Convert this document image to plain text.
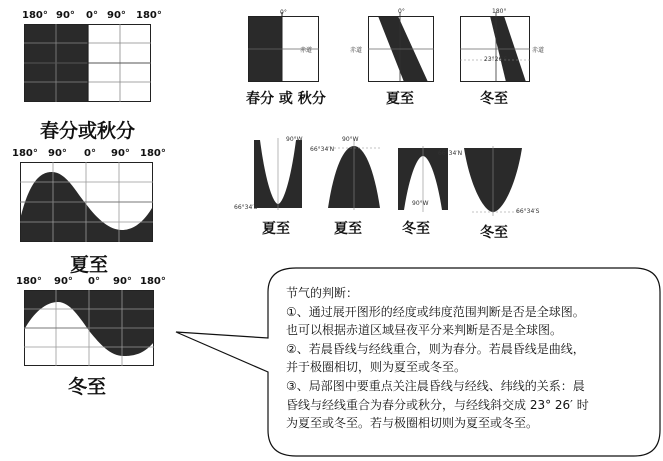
180° 90° 0° 90° 180°
春分或秋分
180° 90° 0° 90° 180°
夏至
180° 90° 0° 90° 180°
冬至
0°
赤道
春分 或 秋分
0°
赤道
夏至
180°
赤道
23°26′S
冬至
90°W
66°34′S
夏至
66°34′N
90°W
夏至
66°34′N
90°W
冬至
66°34′S
冬至

节气的判断：

①、通过展开图形的经度或纬度范围判断是否是全球图。

也可以根据赤道区域昼夜平分来判断是否是全球图。

②、若晨昏线与经线重合，则为春分。若晨昏线是曲线，

并于极圈相切，则为夏至或冬至。

③、局部图中要重点关注晨昏线与经线、纬线的关系：晨

昏线与经线重合为春分或秋分，与经线斜交成 23° 26′ 时

为夏至或冬至。若与极圈相切则为夏至或冬至。
